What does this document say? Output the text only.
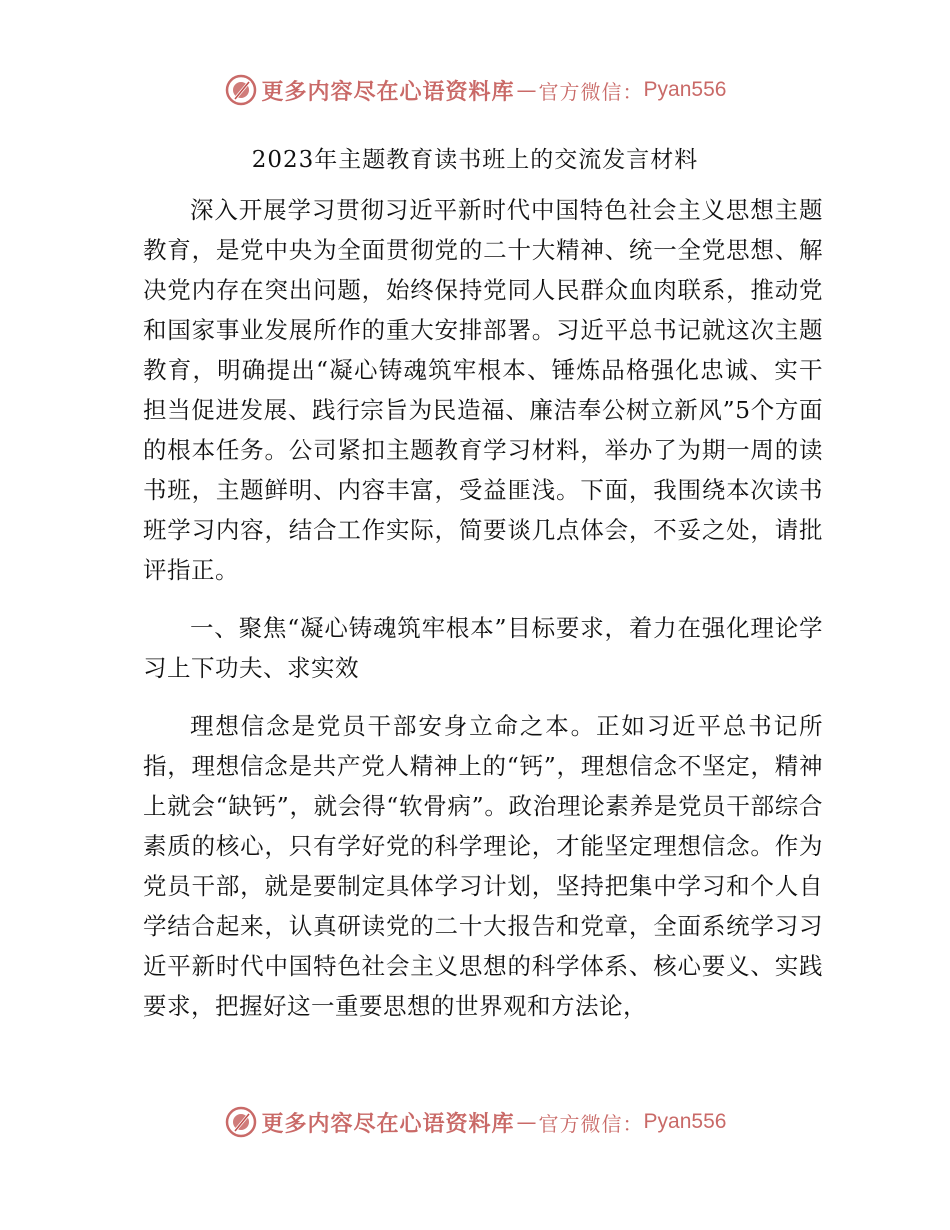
更多内容尽在心语资料库 — 官方微信： Pyan556
2023年主题教育读书班上的交流发言材料

深入开展学习贯彻习近平新时代中国特色社会主义思想主题教育，是党中央为全面贯彻党的二十大精神、统一全党思想、解决党内存在突出问题，始终保持党同人民群众血肉联系，推动党和国家事业发展所作的重大安排部署。习近平总书记就这次主题教育，明确提出“凝心铸魂筑牢根本、锤炼品格强化忠诚、实干担当促进发展、践行宗旨为民造福、廉洁奉公树立新风”5个方面的根本任务。公司紧扣主题教育学习材料，举办了为期一周的读书班，主题鲜明、内容丰富，受益匪浅。下面，我围绕本次读书班学习内容，结合工作实际，简要谈几点体会，不妥之处，请批评指正。

一、聚焦“凝心铸魂筑牢根本”目标要求，着力在强化理论学习上下功夫、求实效

理想信念是党员干部安身立命之本。正如习近平总书记所指，理想信念是共产党人精神上的“钙”，理想信念不坚定，精神上就会“缺钙”，就会得“软骨病”。政治理论素养是党员干部综合素质的核心，只有学好党的科学理论，才能坚定理想信念。作为党员干部，就是要制定具体学习计划，坚持把集中学习和个人自学结合起来，认真研读党的二十大报告和党章，全面系统学习习近平新时代中国特色社会主义思想的科学体系、核心要义、实践要求，把握好这一重要思想的世界观和方法论，

更多内容尽在心语资料库 — 官方微信： Pyan556
